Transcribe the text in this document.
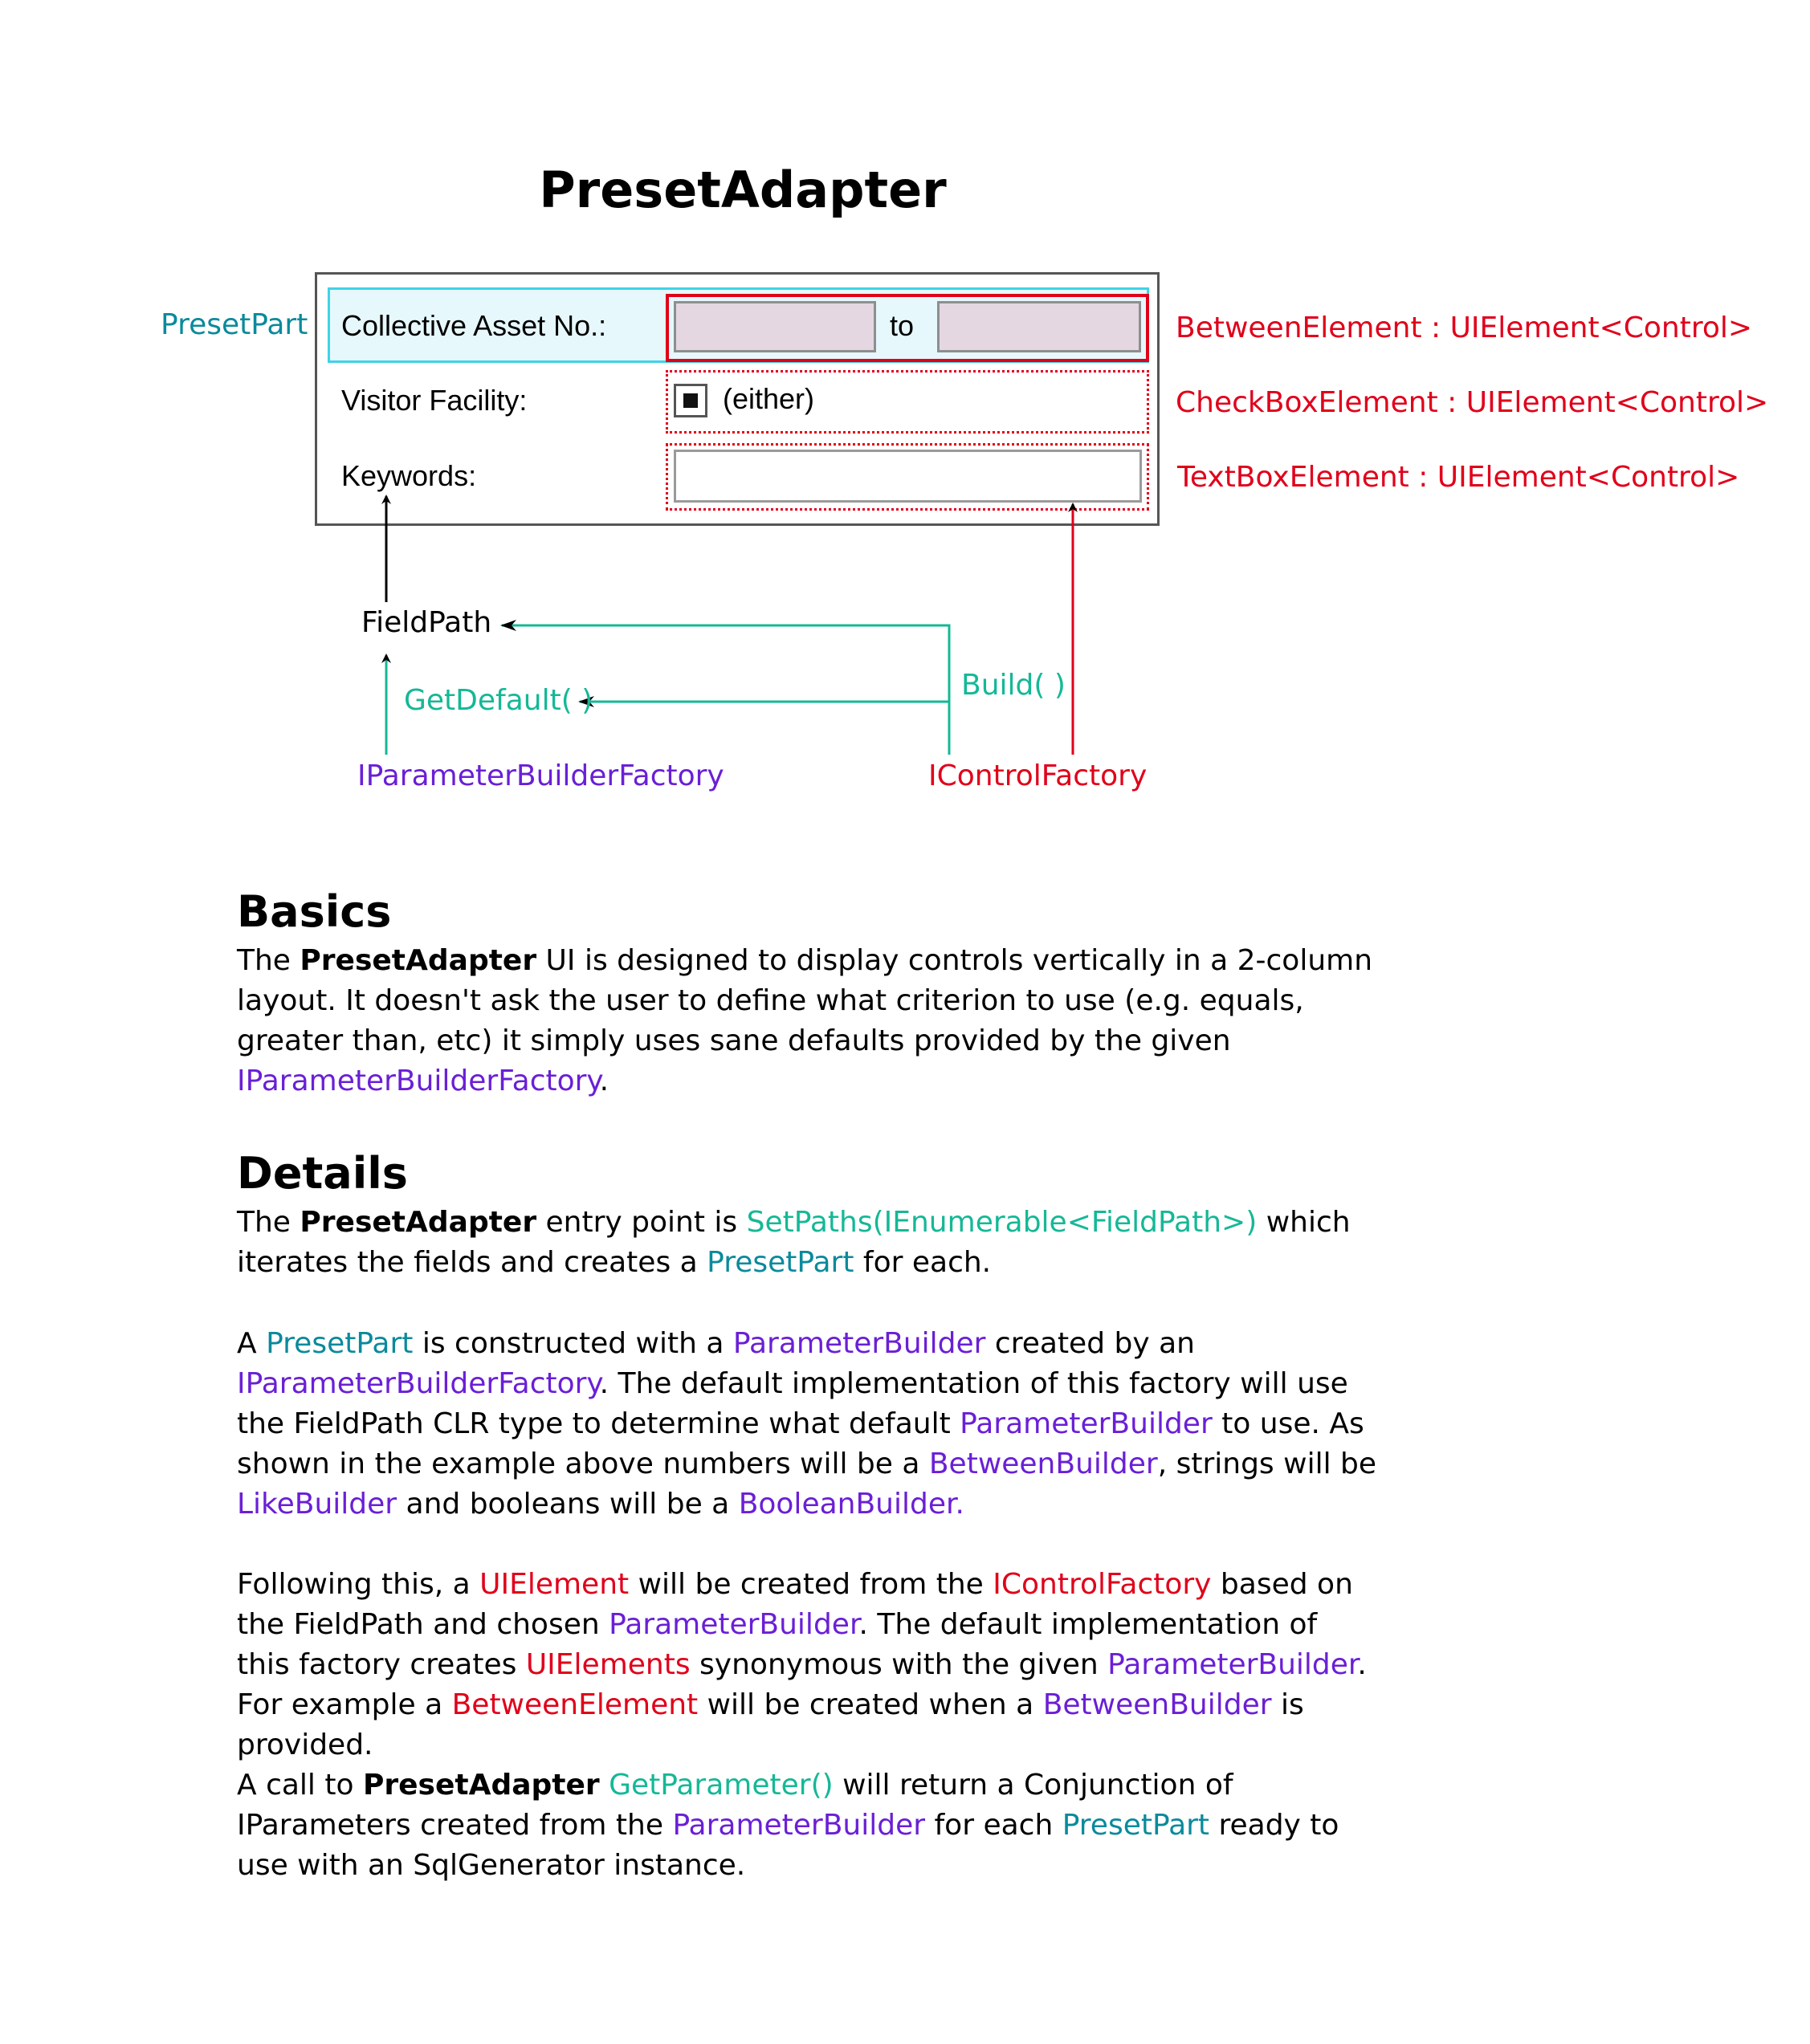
PresetAdapter
PresetPart Collective Asset No.:	to
Visitor Facility:	(either)
Keywords:
BetweenElement : UIElement<Control>
CheckBoxElement : UIElement<Control>
TextBoxElement : UIElement<Control>
FieldPath
GetDefault( )	Build( )
IParameterBuilderFactory	IControlFactory
Basics
The PresetAdapter UI is designed to display controls vertically in a 2-column layout. It doesn't ask the user to define what criterion to use (e.g. equals, greater than, etc) it simply uses sane defaults provided by the given IParameterBuilderFactory.
Details
The PresetAdapter entry point is SetPaths(IEnumerable<FieldPath>) which iterates the fields and creates a PresetPart for each.
A PresetPart is constructed with a ParameterBuilder created by an IParameterBuilderFactory. The default implementation of this factory will use the FieldPath CLR type to determine what default ParameterBuilder to use. As shown in the example above numbers will be a BetweenBuilder, strings will be LikeBuilder and booleans will be a BooleanBuilder.
Following this, a UIElement will be created from the IControlFactory based on the FieldPath and chosen ParameterBuilder. The default implementation of this factory creates UIElements synonymous with the given ParameterBuilder. For example a BetweenElement will be created when a BetweenBuilder is provided.
A call to PresetAdapter GetParameter() will return a Conjunction of IParameters created from the ParameterBuilder for each PresetPart ready to use with an SqlGenerator instance.
